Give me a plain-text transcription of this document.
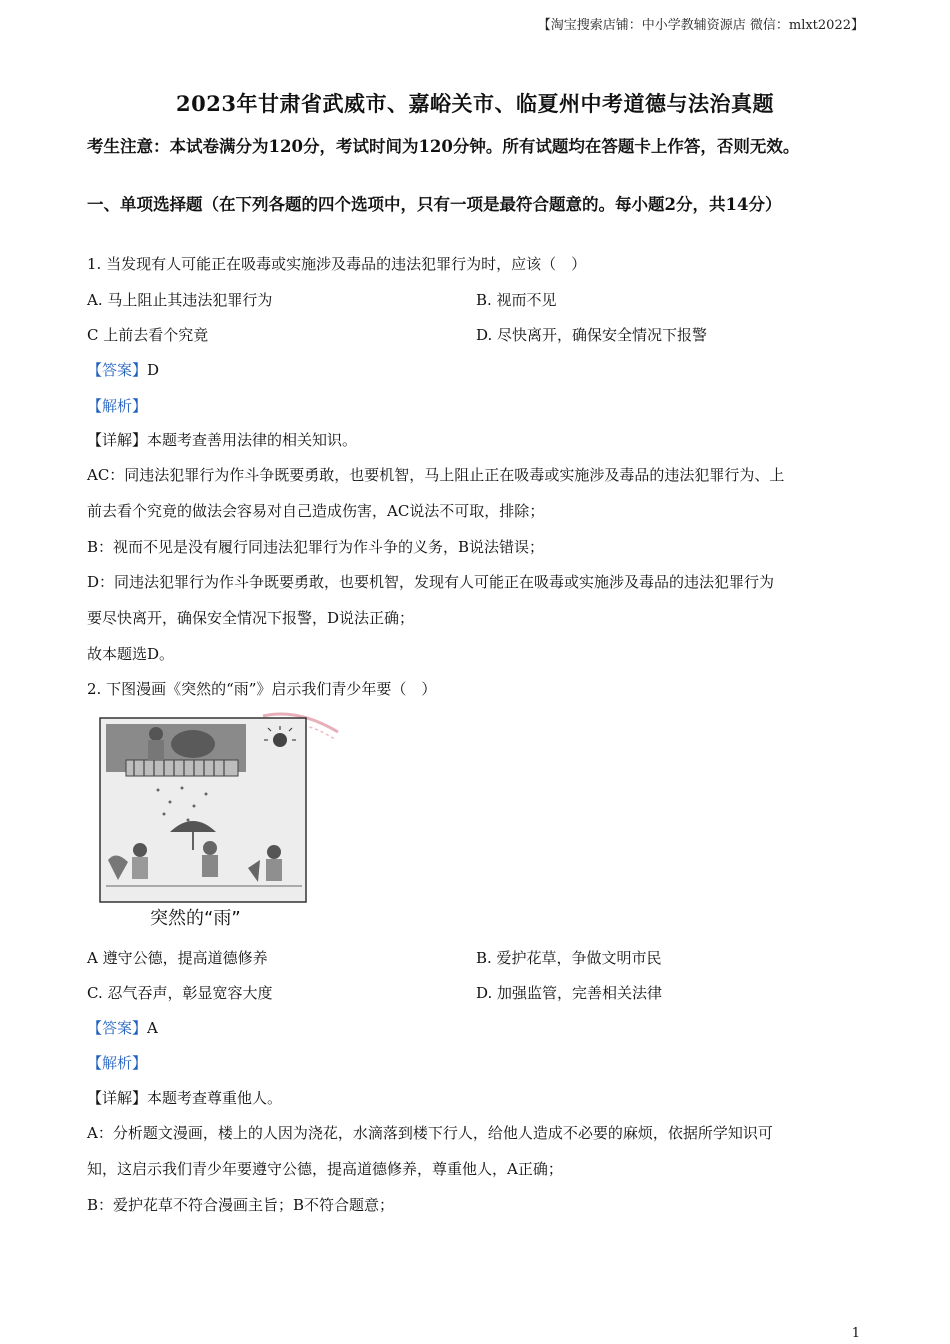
【淘宝搜索店铺：中小学教辅资源店 微信：mlxt2022】
2023年甘肃省武威市、嘉峪关市、临夏州中考道德与法治真题
考生注意：本试卷满分为120分，考试时间为120分钟。所有试题均在答题卡上作答，否则无效。
一、单项选择题（在下列各题的四个选项中，只有一项是最符合题意的。每小题2分，共14分）
1. 当发现有人可能正在吸毒或实施涉及毒品的违法犯罪行为时，应该（　）
A. 马上阻止其违法犯罪行为	B. 视而不见
C 上前去看个究竟	D. 尽快离开，确保安全情况下报警
【答案】D
【解析】
【详解】本题考查善用法律的相关知识。
AC：同违法犯罪行为作斗争既要勇敢，也要机智，马上阻止正在吸毒或实施涉及毒品的违法犯罪行为、上
前去看个究竟的做法会容易对自己造成伤害，AC说法不可取，排除；
B：视而不见是没有履行同违法犯罪行为作斗争的义务，B说法错误；
D：同违法犯罪行为作斗争既要勇敢，也要机智，发现有人可能正在吸毒或实施涉及毒品的违法犯罪行为
要尽快离开，确保安全情况下报警，D说法正确；
故本题选D。
2. 下图漫画《突然的“雨”》启示我们青少年要（　）
突然的“雨”
A 遵守公德，提高道德修养	B. 爱护花草，争做文明市民
C. 忍气吞声，彰显宽容大度	D. 加强监管，完善相关法律
【答案】A
【解析】
【详解】本题考查尊重他人。
A：分析题文漫画，楼上的人因为浇花，水滴落到楼下行人，给他人造成不必要的麻烦，依据所学知识可
知，这启示我们青少年要遵守公德，提高道德修养，尊重他人，A正确；
B：爱护花草不符合漫画主旨；B不符合题意；
1
